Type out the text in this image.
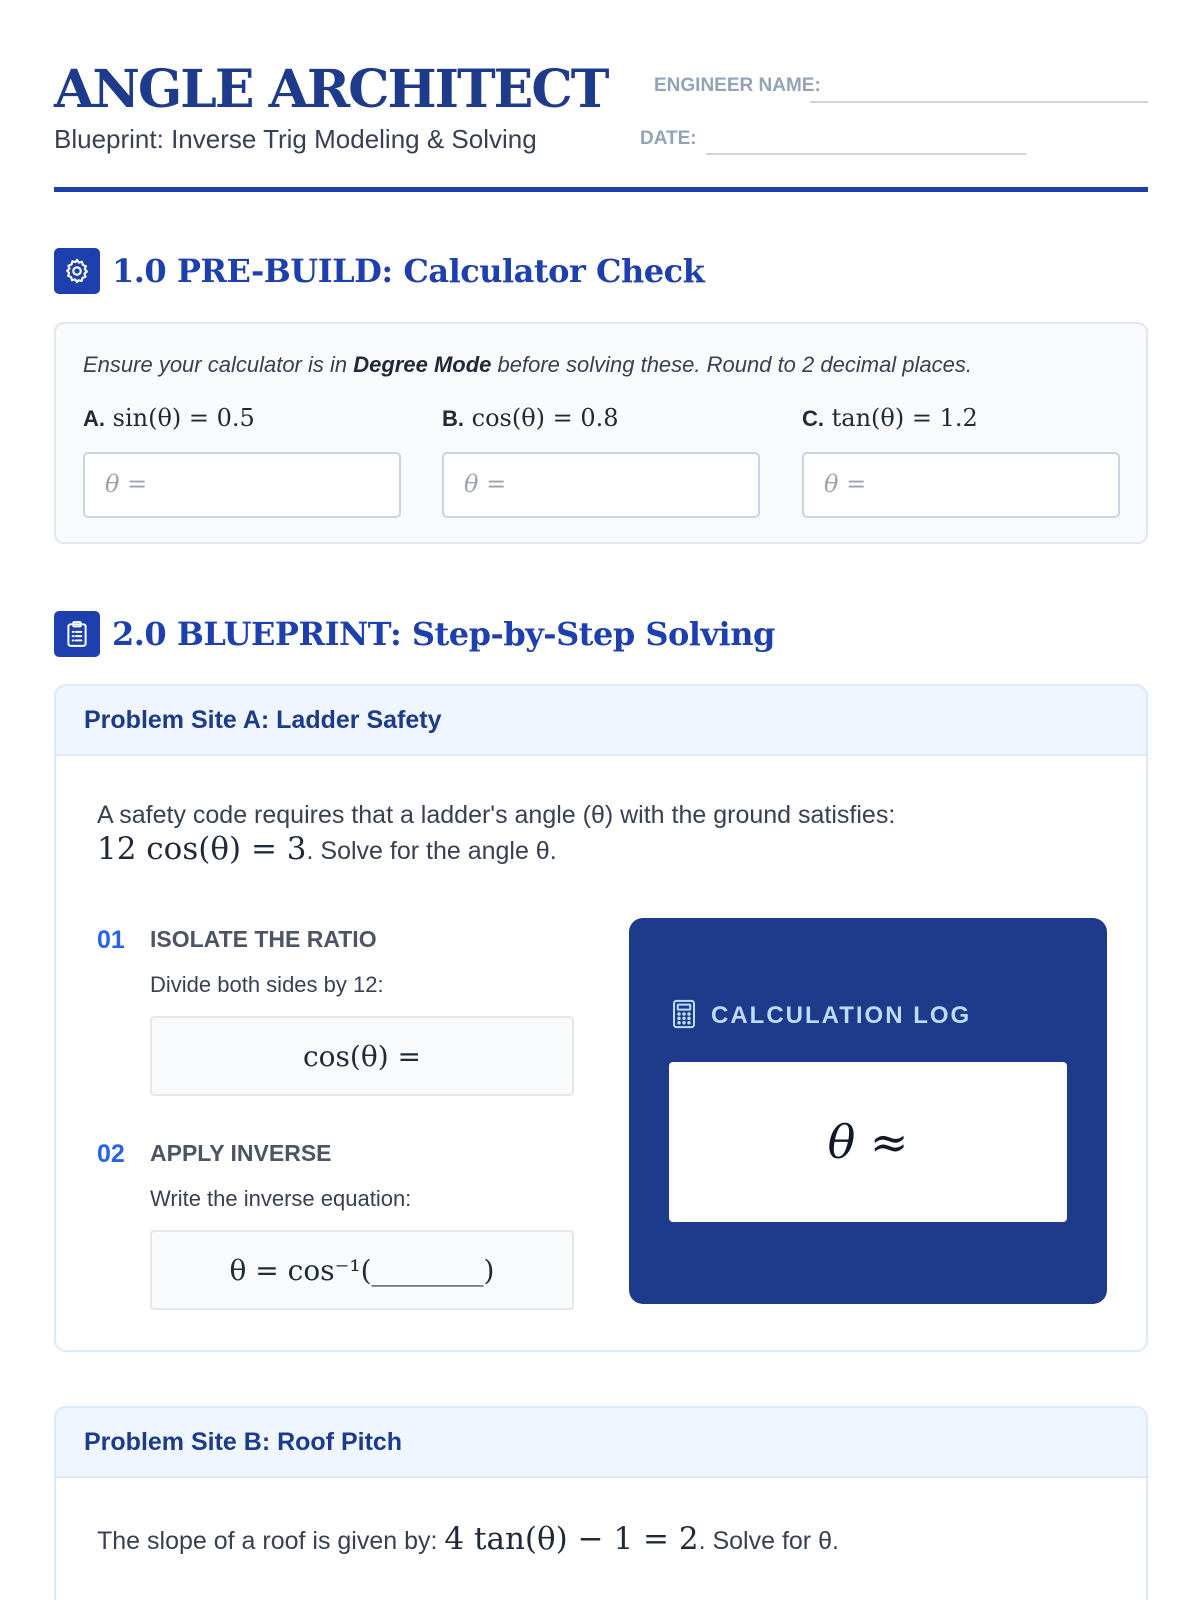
ANGLE ARCHITECT
Blueprint: Inverse Trig Modeling & Solving
ENGINEER NAME:
DATE:
1.0 PRE-BUILD: Calculator Check
Ensure your calculator is in Degree Mode before solving these. Round to 2 decimal places.
A. sin(θ) = 0.5
θ =
B. cos(θ) = 0.8
θ =
C. tan(θ) = 1.2
θ =
2.0 BLUEPRINT: Step-by-Step Solving
Problem Site A: Ladder Safety
A safety code requires that a ladder's angle (θ) with the ground satisfies:
12 cos(θ) = 3. Solve for the angle θ.
01 ISOLATE THE RATIO
Divide both sides by 12:
cos(θ) =
02 APPLY INVERSE
Write the inverse equation:
θ = cos⁻¹(________)
CALCULATION LOG
θ ≈
Problem Site B: Roof Pitch
The slope of a roof is given by: 4 tan(θ) − 1 = 2. Solve for θ.
